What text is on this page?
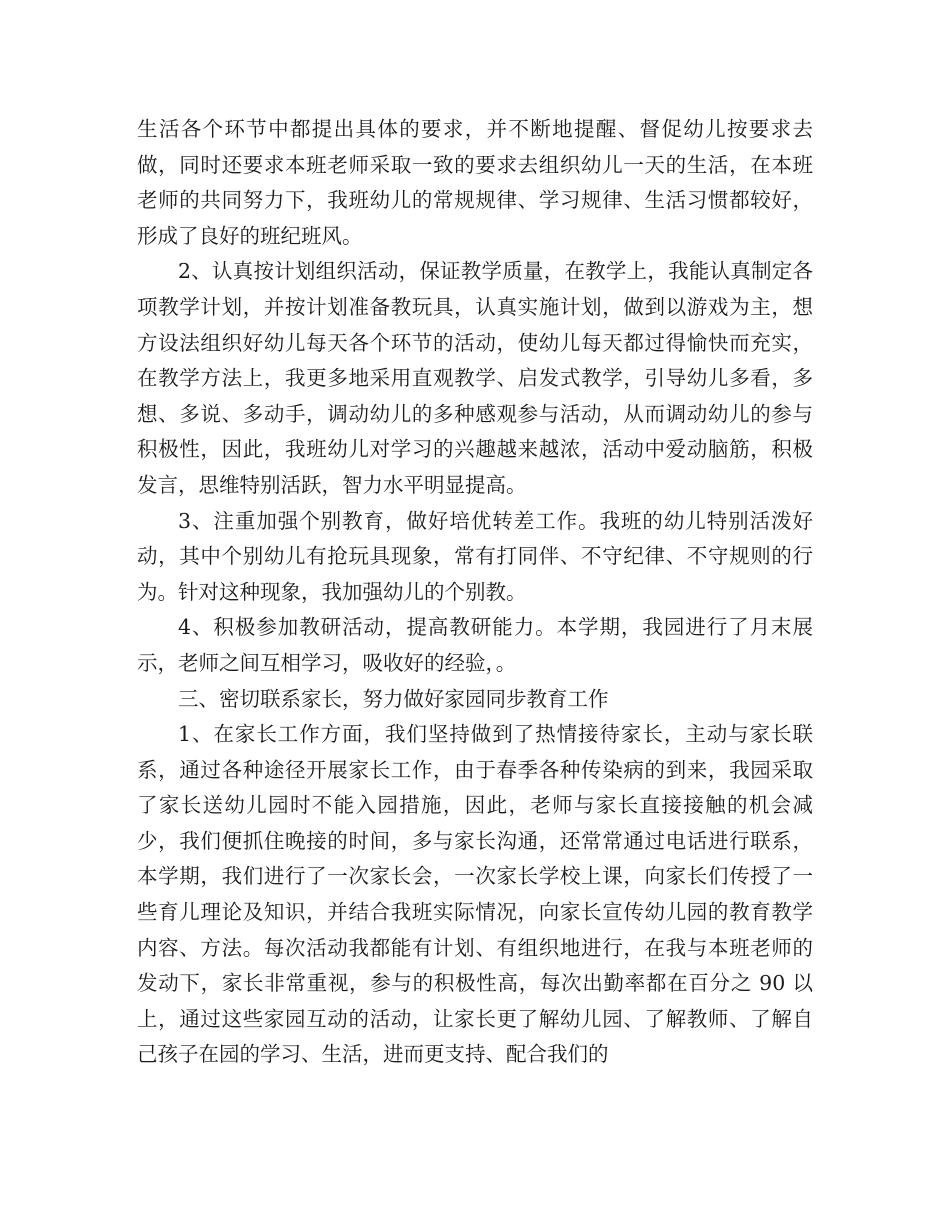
生活各个环节中都提出具体的要求，并不断地提醒、督促幼儿按要求去做，同时还要求本班老师采取一致的要求去组织幼儿一天的生活，在本班老师的共同努力下，我班幼儿的常规规律、学习规律、生活习惯都较好，形成了良好的班纪班风。

2、认真按计划组织活动，保证教学质量，在教学上，我能认真制定各项教学计划，并按计划准备教玩具，认真实施计划，做到以游戏为主，想方设法组织好幼儿每天各个环节的活动，使幼儿每天都过得愉快而充实，在教学方法上，我更多地采用直观教学、启发式教学，引导幼儿多看，多想、多说、多动手，调动幼儿的多种感观参与活动，从而调动幼儿的参与积极性，因此，我班幼儿对学习的兴趣越来越浓，活动中爱动脑筋，积极发言，思维特别活跃，智力水平明显提高。

3、注重加强个别教育，做好培优转差工作。我班的幼儿特别活泼好动，其中个别幼儿有抢玩具现象，常有打同伴、不守纪律、不守规则的行为。针对这种现象，我加强幼儿的个别教。

4、积极参加教研活动，提高教研能力。本学期，我园进行了月末展示，老师之间互相学习，吸收好的经验，。

三、密切联系家长，努力做好家园同步教育工作

1、在家长工作方面，我们坚持做到了热情接待家长，主动与家长联系，通过各种途径开展家长工作，由于春季各种传染病的到来，我园采取了家长送幼儿园时不能入园措施，因此，老师与家长直接接触的机会减少，我们便抓住晚接的时间，多与家长沟通，还常常通过电话进行联系，本学期，我们进行了一次家长会，一次家长学校上课，向家长们传授了一些育儿理论及知识，并结合我班实际情况，向家长宣传幼儿园的教育教学内容、方法。每次活动我都能有计划、有组织地进行，在我与本班老师的发动下，家长非常重视，参与的积极性高，每次出勤率都在百分之 90 以上，通过这些家园互动的活动，让家长更了解幼儿园、了解教师、了解自己孩子在园的学习、生活，进而更支持、配合我们的
